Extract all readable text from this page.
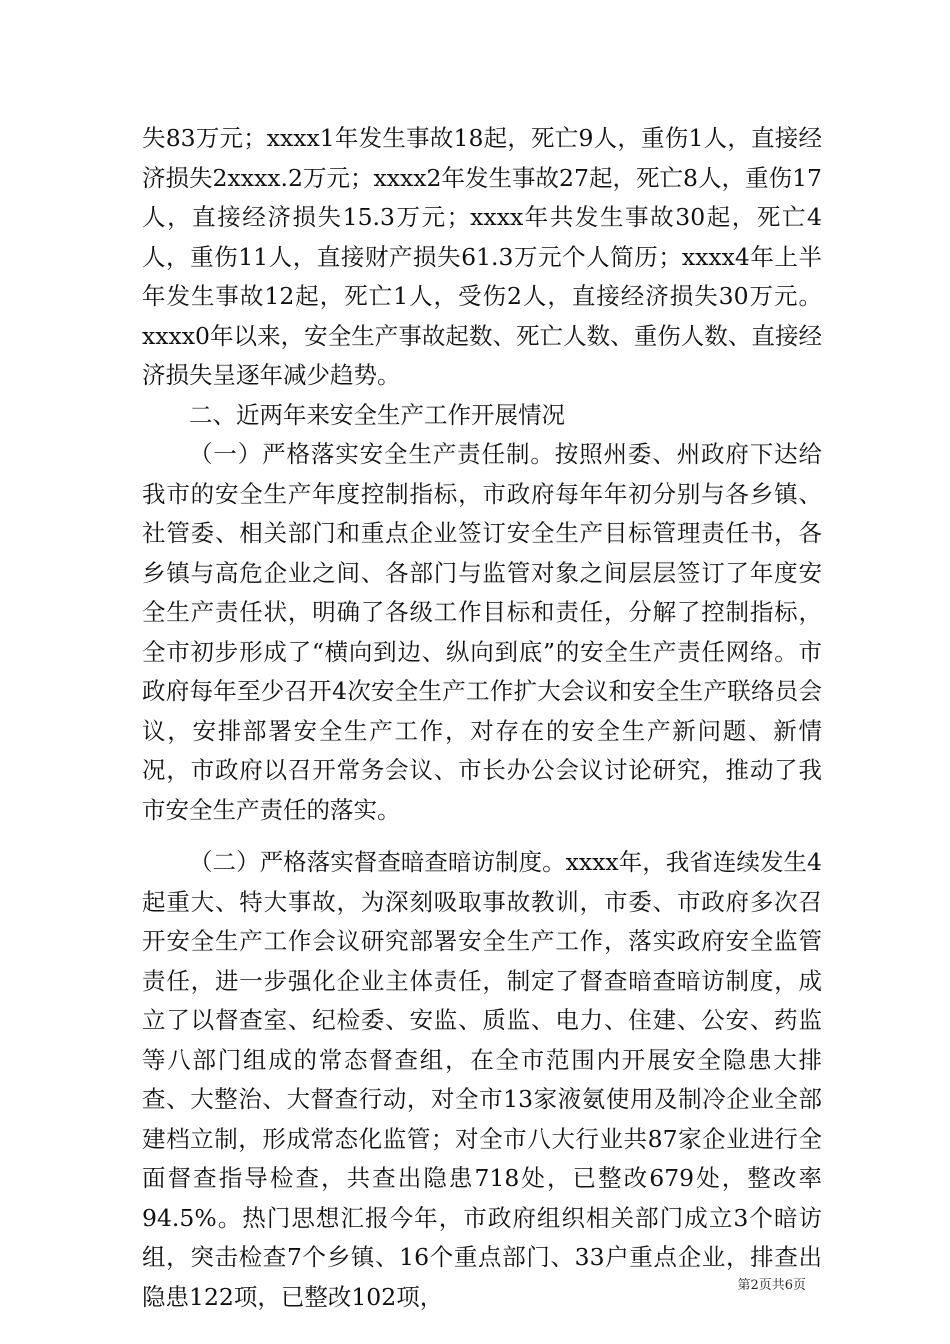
失83万元；xxxx1年发生事故18起，死亡9人，重伤1人，直接经济损失2xxxx.2万元；xxxx2年发生事故27起，死亡8人，重伤17人，直接经济损失15.3万元；xxxx年共发生事故30起，死亡4人，重伤11人，直接财产损失61.3万元个人简历；xxxx4年上半年发生事故12起，死亡1人，受伤2人，直接经济损失30万元。xxxx0年以来，安全生产事故起数、死亡人数、重伤人数、直接经济损失呈逐年减少趋势。

二、近两年来安全生产工作开展情况

（一）严格落实安全生产责任制。按照州委、州政府下达给我市的安全生产年度控制指标，市政府每年年初分别与各乡镇、社管委、相关部门和重点企业签订安全生产目标管理责任书，各乡镇与高危企业之间、各部门与监管对象之间层层签订了年度安全生产责任状，明确了各级工作目标和责任，分解了控制指标，全市初步形成了“横向到边、纵向到底”的安全生产责任网络。市政府每年至少召开4次安全生产工作扩大会议和安全生产联络员会议，安排部署安全生产工作，对存在的安全生产新问题、新情况，市政府以召开常务会议、市长办公会议讨论研究，推动了我市安全生产责任的落实。

（二）严格落实督查暗查暗访制度。xxxx年，我省连续发生4起重大、特大事故，为深刻吸取事故教训，市委、市政府多次召开安全生产工作会议研究部署安全生产工作，落实政府安全监管责任，进一步强化企业主体责任，制定了督查暗查暗访制度，成立了以督查室、纪检委、安监、质监、电力、住建、公安、药监等八部门组成的常态督查组，在全市范围内开展安全隐患大排查、大整治、大督查行动，对全市13家液氨使用及制冷企业全部建档立制，形成常态化监管；对全市八大行业共87家企业进行全面督查指导检查，共查出隐患718处，已整改679处，整改率94.5%。热门思想汇报今年，市政府组织相关部门成立3个暗访组，突击检查7个乡镇、16个重点部门、33户重点企业，排查出隐患122项，已整改102项，	第2页共6页
